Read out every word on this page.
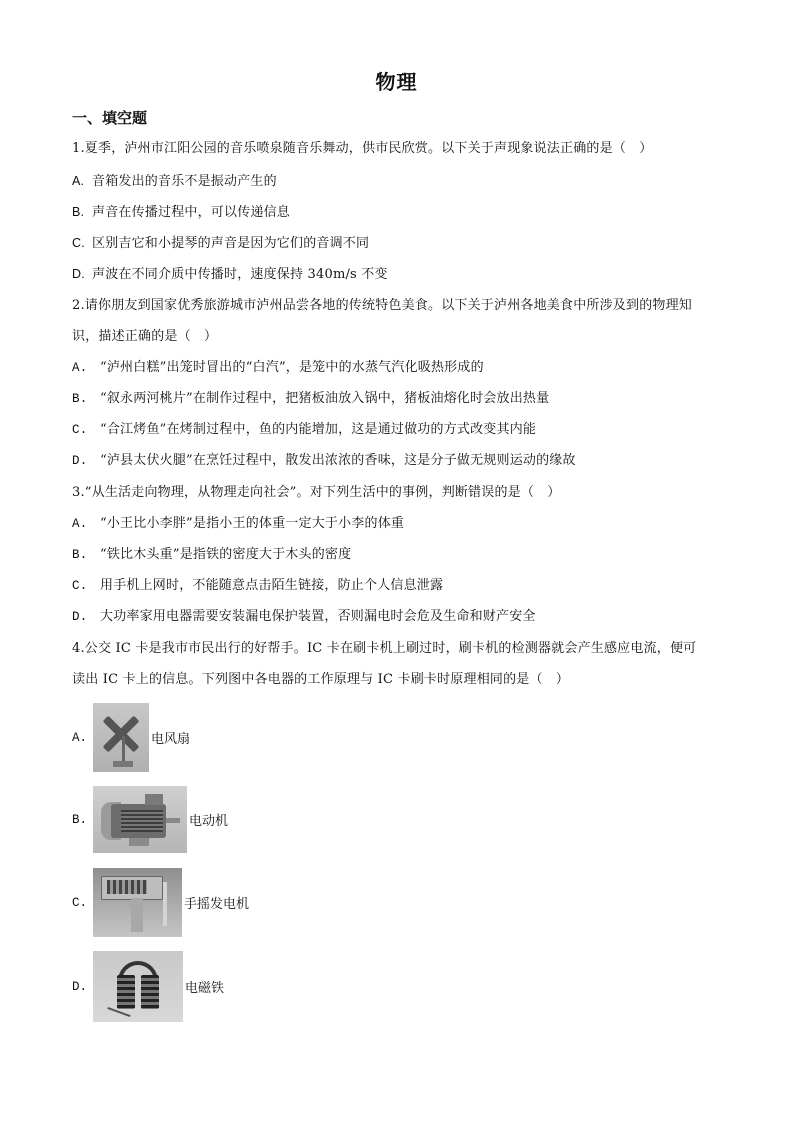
物理
一、填空题
1.夏季，泸州市江阳公园的音乐喷泉随音乐舞动，供市民欣赏。以下关于声现象说法正确的是（　）
A. 音箱发出的音乐不是振动产生的
B. 声音在传播过程中，可以传递信息
C. 区别吉它和小提琴的声音是因为它们的音调不同
D. 声波在不同介质中传播时，速度保持 340m/s 不变
2.请你朋友到国家优秀旅游城市泸州品尝各地的传统特色美食。以下关于泸州各地美食中所涉及到的物理知
识，描述正确的是（　）
A. “泸州白糕”出笼时冒出的“白汽”，是笼中的水蒸气汽化吸热形成的
B. “叙永两河桃片”在制作过程中，把猪板油放入锅中，猪板油熔化时会放出热量
C. “合江烤鱼”在烤制过程中，鱼的内能增加，这是通过做功的方式改变其内能
D. “泸县太伏火腿”在烹饪过程中，散发出浓浓的香味，这是分子做无规则运动的缘故
3.“从生活走向物理，从物理走向社会”。对下列生活中的事例，判断错误的是（　）
A. “小王比小李胖”是指小王的体重一定大于小李的体重
B. “铁比木头重”是指铁的密度大于木头的密度
C. 用手机上网时，不能随意点击陌生链接，防止个人信息泄露
D. 大功率家用电器需要安装漏电保护装置，否则漏电时会危及生命和财产安全
4.公交 IC 卡是我市市民出行的好帮手。IC 卡在刷卡机上刷过时，刷卡机的检测器就会产生感应电流，便可
读出 IC 卡上的信息。下列图中各电器的工作原理与 IC 卡刷卡时原理相同的是（　）
A.	电风扇
B.	电动机
C.	手摇发电机
D.	电磁铁
